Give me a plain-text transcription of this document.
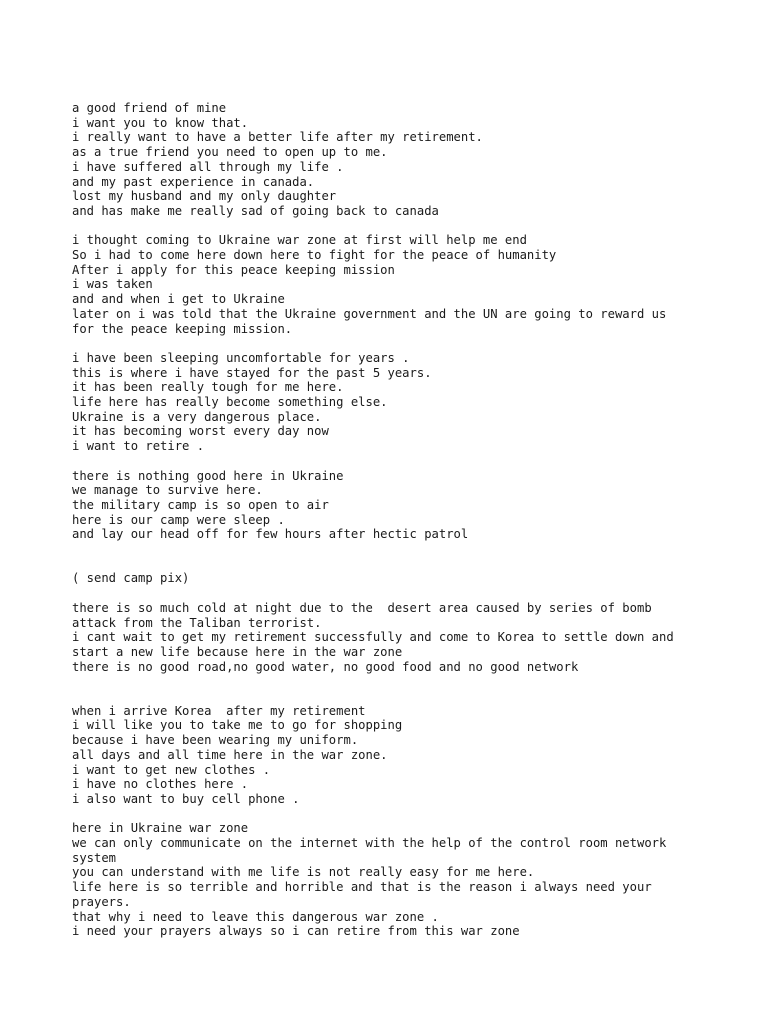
a good friend of mine
i want you to know that.
i really want to have a better life after my retirement.
as a true friend you need to open up to me.
i have suffered all through my life .
and my past experience in canada.
lost my husband and my only daughter
and has make me really sad of going back to canada
i thought coming to Ukraine war zone at first will help me end
So i had to come here down here to fight for the peace of humanity
After i apply for this peace keeping mission
i was taken
and and when i get to Ukraine
later on i was told that the Ukraine government and the UN are going to reward us
for the peace keeping mission.
i have been sleeping uncomfortable for years .
this is where i have stayed for the past 5 years.
it has been really tough for me here.
life here has really become something else.
Ukraine is a very dangerous place.
it has becoming worst every day now
i want to retire .
there is nothing good here in Ukraine
we manage to survive here.
the military camp is so open to air
here is our camp were sleep .
and lay our head off for few hours after hectic patrol
( send camp pix)
there is so much cold at night due to the  desert area caused by series of bomb
attack from the Taliban terrorist.
i cant wait to get my retirement successfully and come to Korea to settle down and
start a new life because here in the war zone
there is no good road,no good water, no good food and no good network
when i arrive Korea  after my retirement
i will like you to take me to go for shopping
because i have been wearing my uniform.
all days and all time here in the war zone.
i want to get new clothes .
i have no clothes here .
i also want to buy cell phone .
here in Ukraine war zone
we can only communicate on the internet with the help of the control room network
system
you can understand with me life is not really easy for me here.
life here is so terrible and horrible and that is the reason i always need your
prayers.
that why i need to leave this dangerous war zone .
i need your prayers always so i can retire from this war zone
